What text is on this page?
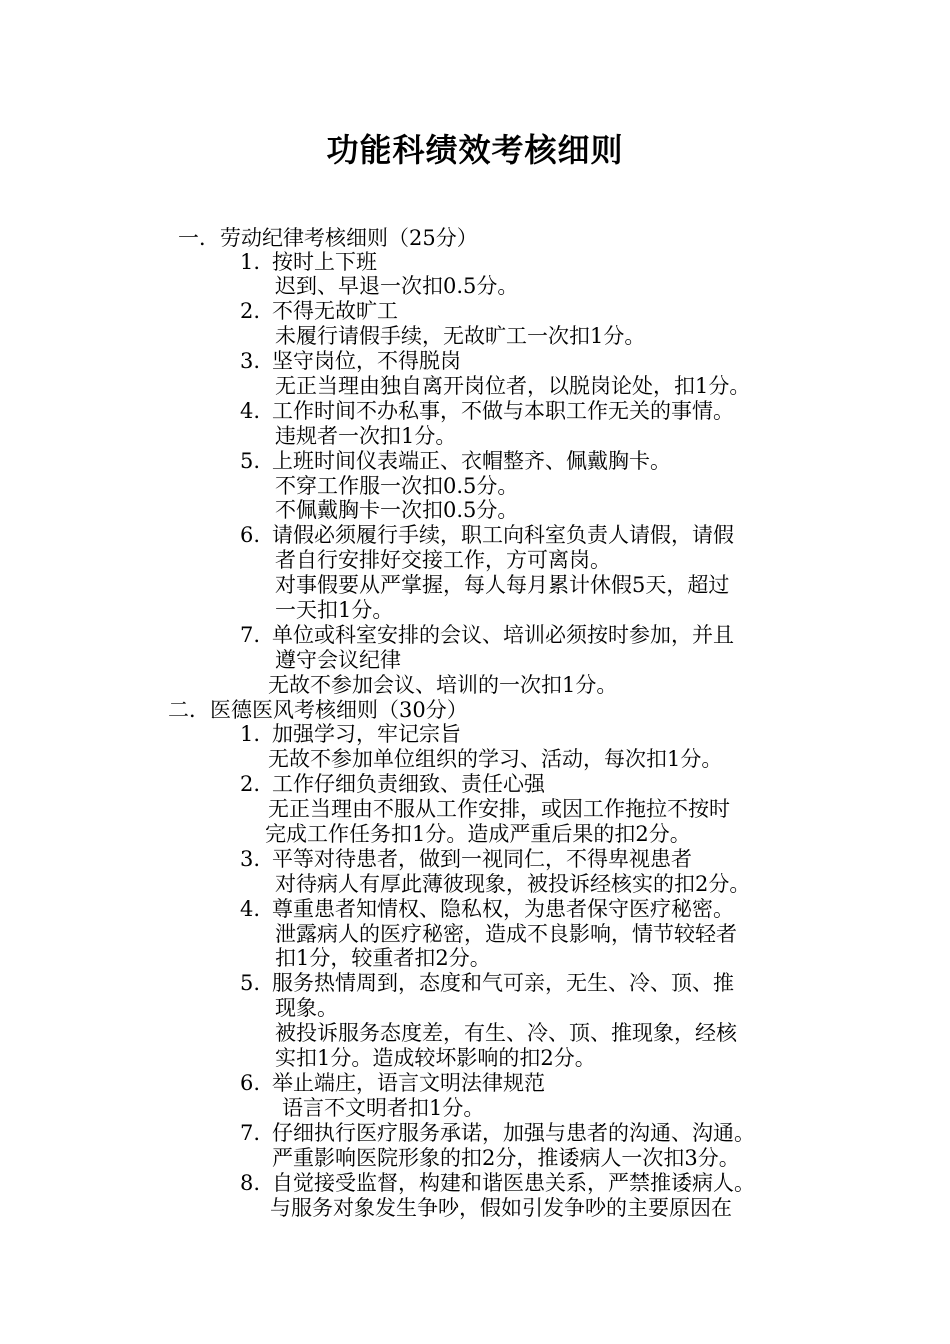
功能科绩效考核细则
一．劳动纪律考核细则（25分）
1. 按时上下班
迟到、早退一次扣0.5分。
2. 不得无故旷工
未履行请假手续，无故旷工一次扣1分。
3. 坚守岗位，不得脱岗
无正当理由独自离开岗位者，以脱岗论处，扣1分。
4. 工作时间不办私事，不做与本职工作无关的事情。
违规者一次扣1分。
5. 上班时间仪表端正、衣帽整齐、佩戴胸卡。
不穿工作服一次扣0.5分。
不佩戴胸卡一次扣0.5分。
6. 请假必须履行手续，职工向科室负责人请假，请假
者自行安排好交接工作，方可离岗。
对事假要从严掌握，每人每月累计休假5天，超过
一天扣1分。
7. 单位或科室安排的会议、培训必须按时参加，并且
遵守会议纪律
无故不参加会议、培训的一次扣1分。
二．医德医风考核细则（30分）
1. 加强学习，牢记宗旨
无故不参加单位组织的学习、活动，每次扣1分。
2. 工作仔细负责细致、责任心强
无正当理由不服从工作安排，或因工作拖拉不按时
完成工作任务扣1分。造成严重后果的扣2分。
3. 平等对待患者，做到一视同仁，不得卑视患者
对待病人有厚此薄彼现象，被投诉经核实的扣2分。
4. 尊重患者知情权、隐私权，为患者保守医疗秘密。
泄露病人的医疗秘密，造成不良影响，情节较轻者
扣1分，较重者扣2分。
5. 服务热情周到，态度和气可亲，无生、冷、顶、推
现象。
被投诉服务态度差，有生、冷、顶、推现象，经核
实扣1分。造成较坏影响的扣2分。
6. 举止端庄，语言文明法律规范
语言不文明者扣1分。
7. 仔细执行医疗服务承诺，加强与患者的沟通、沟通。
严重影响医院形象的扣2分，推诿病人一次扣3分。
8. 自觉接受监督，构建和谐医患关系，严禁推诿病人。
与服务对象发生争吵，假如引发争吵的主要原因在
